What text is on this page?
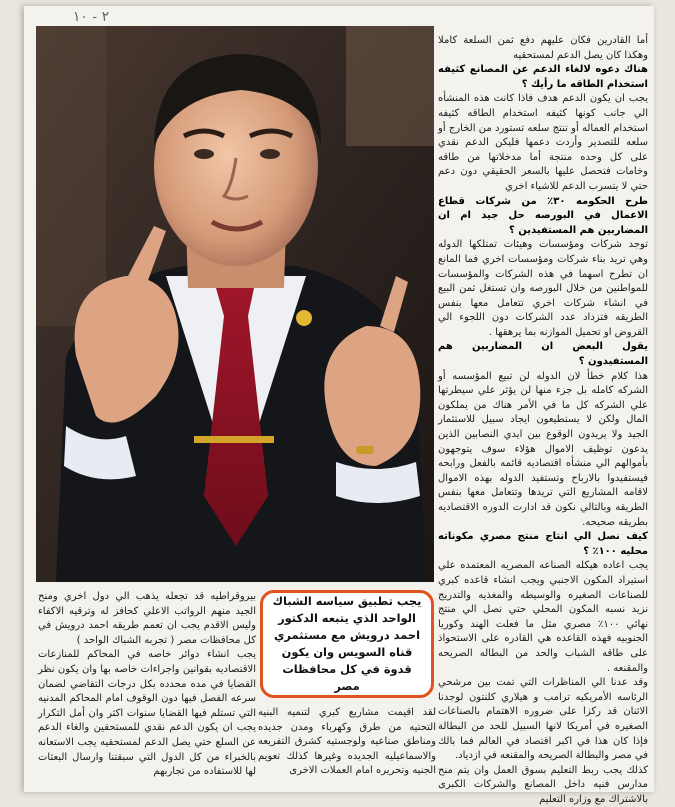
٢ - ١٠

أما القادرين فكان عليهم دفع ثمن السلعة كاملا وهكذا كان يصل الدعم لمستحقيه

هناك دعوه لالغاء الدعم عن المصانع كثيفه استخدام الطاقه ما رأيك ؟

يجب ان يكون الدعم هدف فاذا كانت هذه المنشأه الي جانب كونها كثيفه استخدام الطاقه كثيفه استخدام العماله أو تنتج سلعه تستورد من الخارج أو سلعه للتصدير وأردت دعمها فليكن الدعم نقدي على كل وحده منتجة أما مدخلاتها من طاقه وخامات فتحصل عليها بالسعر الحقيقي دون دعم حتي لا يتسرب الدعم للاشياء اخري

طرح الحكومه ٣٠٪ من شركات قطاع الاعمال في البورصه حل جيد ام ان المضاربين هم المستفيدين ؟

توجد شركات ومؤسسات وهيئات تمتلكها الدوله وهي تريد بناء شركات ومؤسسات اخري فما المانع ان تطرح اسهما في هذه الشركات والمؤسسات للمواطنين من خلال البورصه وان تستغل ثمن البيع في انشاء شركات اخري تتعامل معها بنفس الطريقه فتزداد عدد الشركات دون اللجوء الي القروض او تحميل الموازنه بما يرهقها .

يقول البعض ان المضاربين هم المستفيدون ؟

هذا كلام خطأ لان الدوله لن تبيع المؤسسه أو الشركه كامله بل جزء منها لن يؤثر علي سيطرتها علي الشركه كل ما في الأمر هناك من يملكون المال ولكن لا يستطيعون ايجاد سبيل للاستثمار الجيد ولا يريدون الوقوع بين ايدي النصابين الذين يدعون توظيف الاموال هؤلاء سوف يتوجهون بأموالهم الي منشأه اقتصاديه قائمه بالفعل ورابحه فيستفيدوا بالارباح وتستفيد الدوله بهذه الاموال لاقامه المشاريع التي تريدها وتتعامل معها بنفس الطريقه وبالتالي نكون قد ادارت الدوره الاقتصاديه بطريقه صحيحه.

كيف نصل الي انتاج منتج مصري مكوناته محليه ١٠٠٪ ؟

يجب اعاده هيكله الصناعه المصريه المعتمده علي استيراد المكون الاجنبي ويجب انشاء قاعده كبري للصناعات الصغيره والوسيطه والمغذيه والتدريج نزيد نسبه المكون المحلي حتي نصل الي منتج نهائي ١٠٠٪ مصري مثل ما فعلت الهند وكوريا الجنوبيه فهذه القاعده هي القادره على الاستحواذ على طاقه الشباب والحد من البطاله الصريحه والمقنعه .

وقد عدنا الي المناظرات التي تمت بين مرشحي الرئاسه الأمريكيه ترامب و هيلاري كلنتون لوجدنا الاثنان قد ركزا على ضروره الاهتمام بالصناعات الصغيره في أمريكا لانها السبيل للحد من البطالة فإذا كان هذا في اكبر اقتصاد في العالم فما بالك في مصر والبطالة الصريحه والمقنعه في ازدياد.

كذلك يجب ربط التعليم بسوق العمل وان يتم منح مدارس فنيه داخل المصانع والشركات الكبرى بالاشتراك مع وزاره التعليم

يجب تطبيق سياسه الشباك الواحد الذي يتبعه الدكتور احمد درويش مع مستثمري قناه السويس وان يكون قدوة في كل محافظات مصر

لقد اقيمت مشاريع كبري لتنميه البنيه التحتيه من طرق وكهرباء ومدن جديده ومناطق صناعيه ولوجستيه كشرق التفريعه والاسماعيليه الجديده وغيرها كذلك تعويم الجنيه وتحريره امام العملات الاخرى

بيروقراطيه قد تجعله يذهب الي دول اخري ومنح الجيد منهم الرواتب الاعلي كحافز له وترقيه الاكفاء وليس الاقدم يجب ان تعمم طريقه احمد درويش في كل محافظات مصر ( تجربه الشباك الواحد )

يجب انشاء دوائر خاصه في المحاكم للمنازعات الاقتصاديه بقوانين واجراءات خاصه بها وان يكون نظر القضايا في مده محدده بكل درجات التقاضي لضمان سرعه الفصل فيها دون الوقوف امام المحاكم المدنيه التي تستلم فيها القضايا سنوات اكثر وان أمل التكرار يجب ان يكون الدعم نقدي للمستحقين والغاء الدعم عن السلع حتي يصل الدعم لمستحقيه يجب الاستعانه بالخبراء من كل الدول التي سبقتنا وارسال البعثات لها للاستفاده من تجاربهم
